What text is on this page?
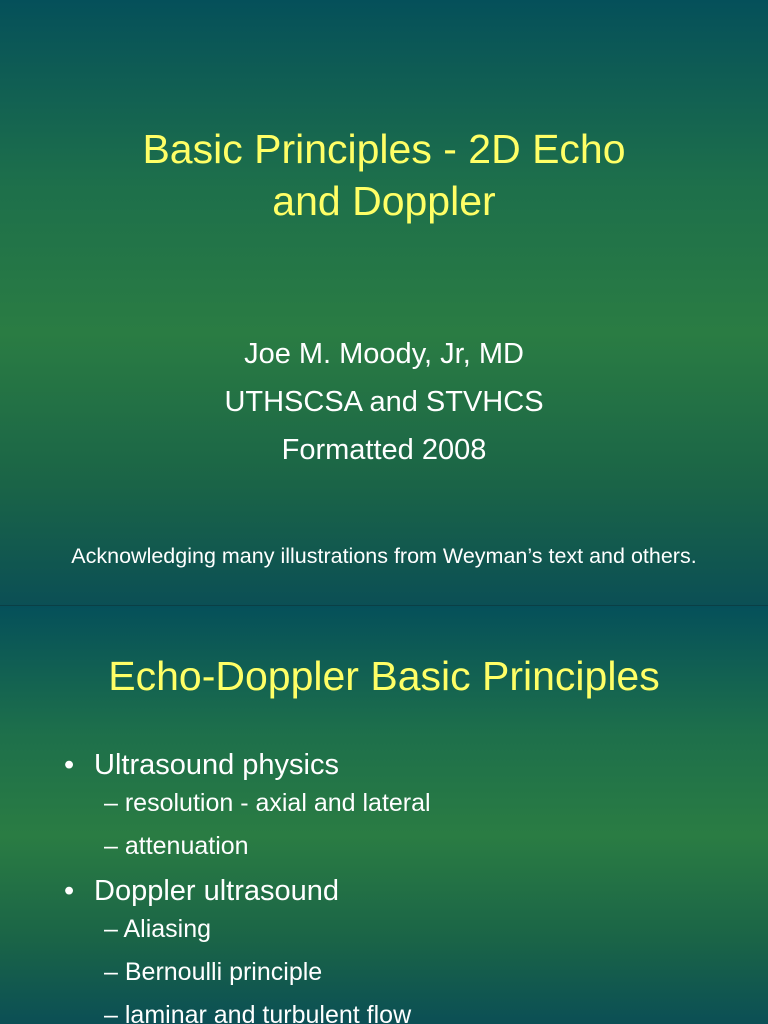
Basic Principles - 2D Echo
and Doppler
Joe M. Moody, Jr, MD
UTHSCSA and STVHCS
Formatted 2008
Acknowledging many illustrations from Weyman’s text and others.
Echo-Doppler Basic Principles
• Ultrasound physics
– resolution - axial and lateral
– attenuation
• Doppler ultrasound
– Aliasing
– Bernoulli principle
– laminar and turbulent flow
